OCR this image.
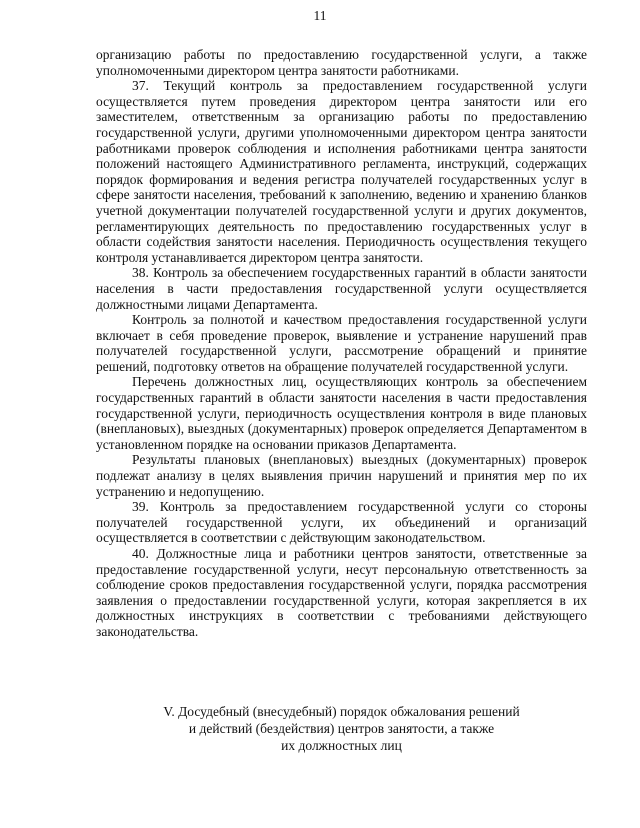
11

организацию работы по предоставлению государственной услуги, а также уполномоченными директором центра занятости работниками.

37. Текущий контроль за предоставлением государственной услуги осуществляется путем проведения директором центра занятости или его заместителем, ответственным за организацию работы по предоставлению государственной услуги, другими уполномоченными директором центра занятости работниками проверок соблюдения и исполнения работниками центра занятости положений настоящего Административного регламента, инструкций, содержащих порядок формирования и ведения регистра получателей государственных услуг в сфере занятости населения, требований к заполнению, ведению и хранению бланков учетной документации получателей государственной услуги и других документов, регламентирующих деятельность по предоставлению государственных услуг в области содействия занятости населения. Периодичность осуществления текущего контроля устанавливается директором центра занятости.

38. Контроль за обеспечением государственных гарантий в области занятости населения в части предоставления государственной услуги осуществляется должностными лицами Департамента.

Контроль за полнотой и качеством предоставления государственной услуги включает в себя проведение проверок, выявление и устранение нарушений прав получателей государственной услуги, рассмотрение обращений и принятие решений, подготовку ответов на обращение получателей государственной услуги.

Перечень должностных лиц, осуществляющих контроль за обеспечением государственных гарантий в области занятости населения в части предоставления государственной услуги, периодичность осуществления контроля в виде плановых (внеплановых), выездных (документарных) проверок определяется Департаментом в установленном порядке на основании приказов Департамента.

Результаты плановых (внеплановых) выездных (документарных) проверок подлежат анализу в целях выявления причин нарушений и принятия мер по их устранению и недопущению.

39. Контроль за предоставлением государственной услуги со стороны получателей государственной услуги, их объединений и организаций осуществляется в соответствии с действующим законодательством.

40. Должностные лица и работники центров занятости, ответственные за предоставление государственной услуги, несут персональную ответственность за соблюдение сроков предоставления государственной услуги, порядка рассмотрения заявления о предоставлении государственной услуги, которая закрепляется в их должностных инструкциях в соответствии с требованиями действующего законодательства.

V. Досудебный (внесудебный) порядок обжалования решений
и действий (бездействия) центров занятости, а также
их должностных лиц
